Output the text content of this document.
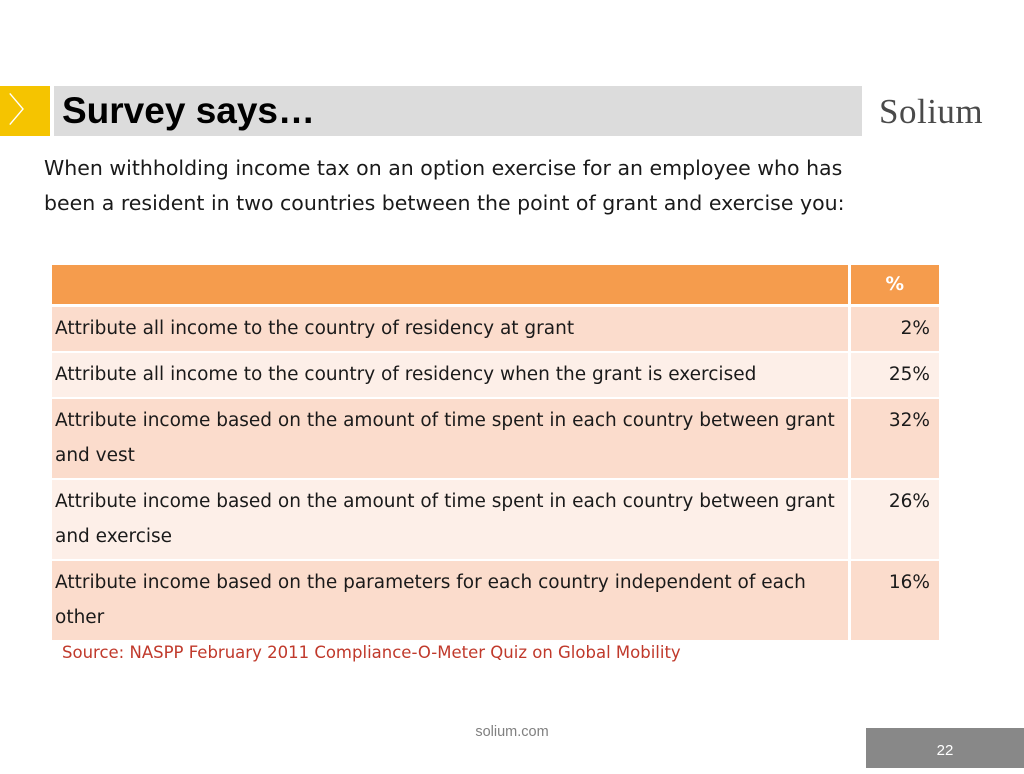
〉 Survey says…	Solium
When withholding income tax on an option exercise for an employee who has been a resident in two countries between the point of grant and exercise you:
	%
Attribute all income to the country of residency at grant	2%
Attribute all income to the country of residency when the grant is exercised	25%
Attribute income based on the amount of time spent in each country between grant and vest	32%
Attribute income based on the amount of time spent in each country between grant and exercise	26%
Attribute income based on the parameters for each country independent of each other	16%
Source: NASPP February 2011 Compliance-O-Meter Quiz on Global Mobility
solium.com
22
